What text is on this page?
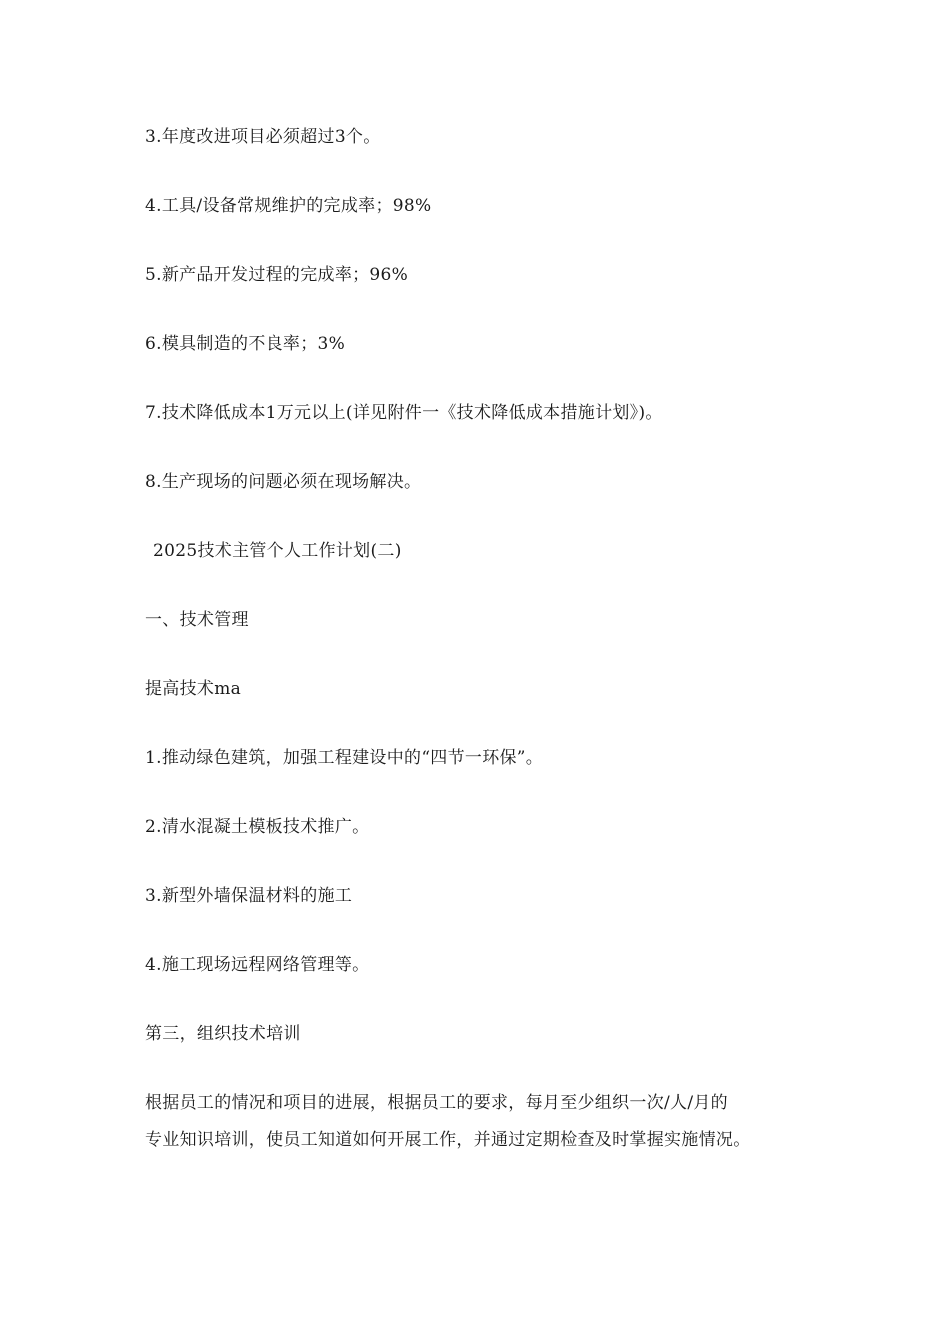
3.年度改进项目必须超过3个。
4.工具/设备常规维护的完成率；98%
5.新产品开发过程的完成率；96%
6.模具制造的不良率；3%
7.技术降低成本1万元以上(详见附件一《技术降低成本措施计划》)。
8.生产现场的问题必须在现场解决。
2025技术主管个人工作计划(二)
一、技术管理
提高技术ma
1.推动绿色建筑，加强工程建设中的“四节一环保”。
2.清水混凝土模板技术推广。
3.新型外墙保温材料的施工
4.施工现场远程网络管理等。
第三，组织技术培训
根据员工的情况和项目的进展，根据员工的要求，每月至少组织一次/人/月的
专业知识培训，使员工知道如何开展工作，并通过定期检查及时掌握实施情况。
